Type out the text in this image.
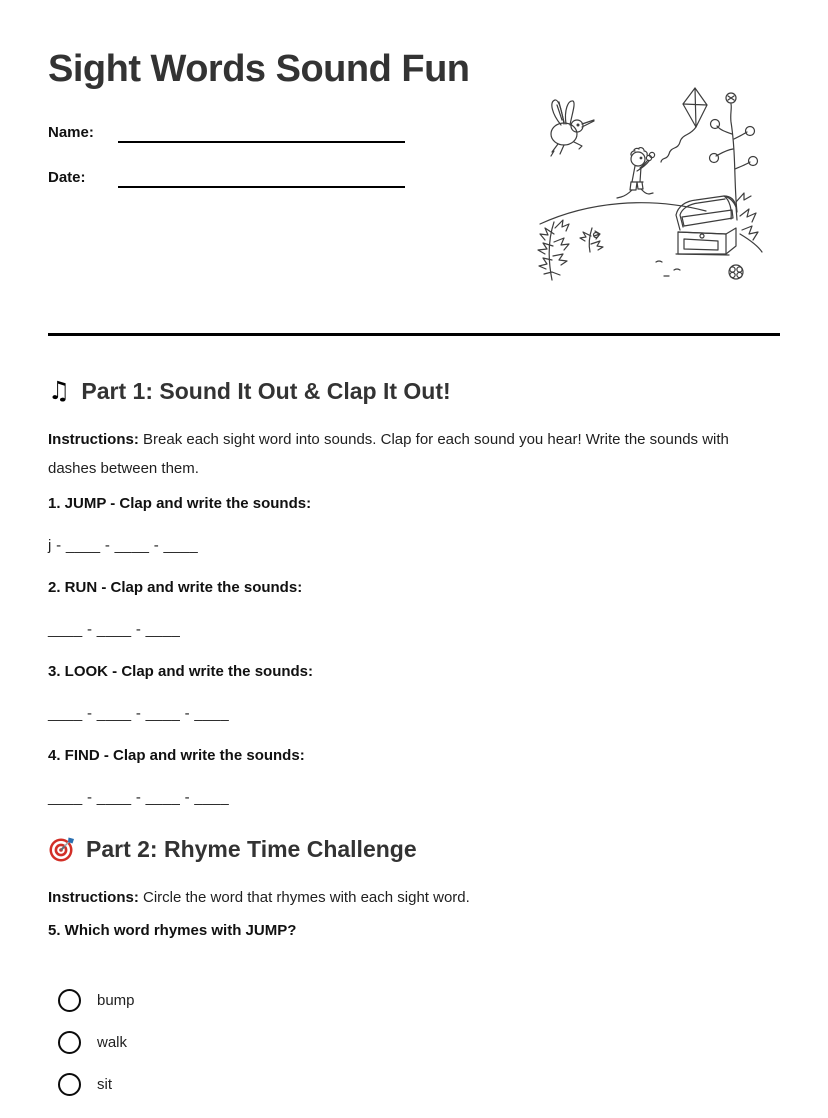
Sight Words Sound Fun
Name:
Date:
♫ Part 1: Sound It Out & Clap It Out!

Instructions: Break each sight word into sounds. Clap for each sound you hear! Write the sounds with dashes between them.

1. JUMP - Clap and write the sounds:

j - ____ - ____ - ____

2. RUN - Clap and write the sounds:

____ - ____ - ____

3. LOOK - Clap and write the sounds:

____ - ____ - ____ - ____

4. FIND - Clap and write the sounds:

____ - ____ - ____ - ____

Part 2: Rhyme Time Challenge

Instructions: Circle the word that rhymes with each sight word.

5. Which word rhymes with JUMP?

bump
walk
sit
